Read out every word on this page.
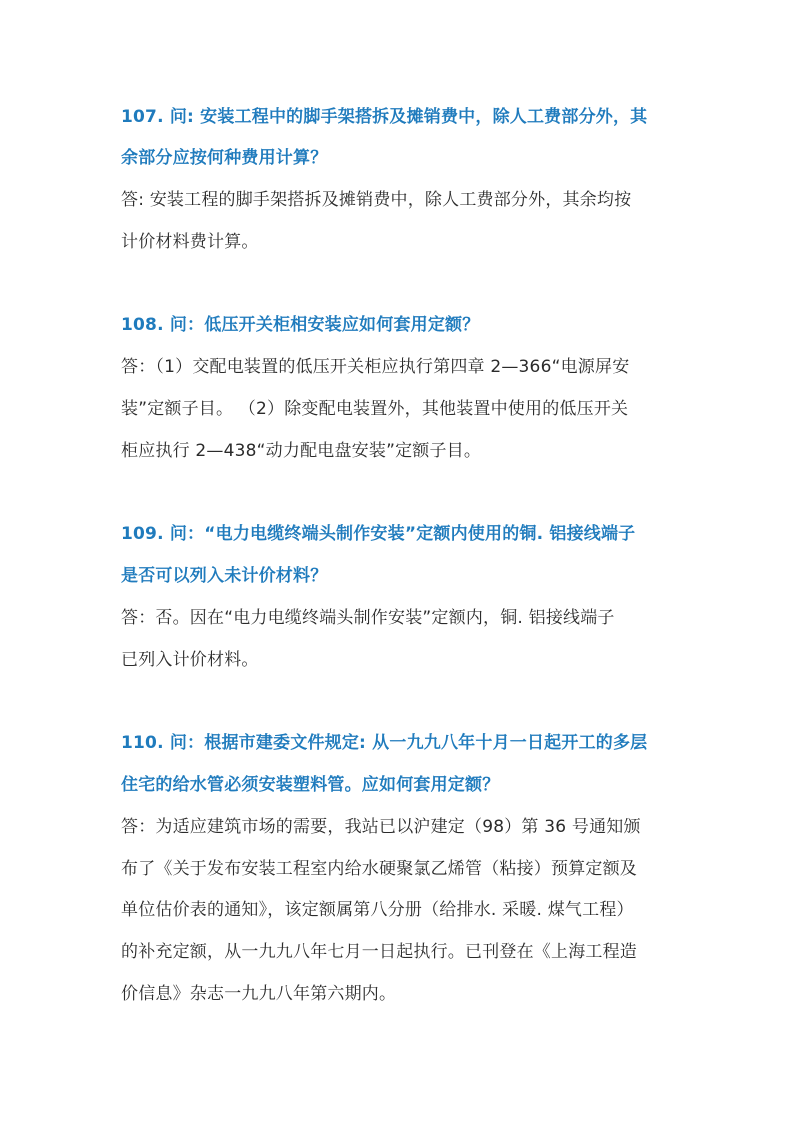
107. 问: 安装工程中的脚手架搭拆及摊销费中，除人工费部分外，其
余部分应按何种费用计算？
答: 安装工程的脚手架搭拆及摊销费中，除人工费部分外，其余均按
计价材料费计算。
108. 问：低压开关柜相安装应如何套用定额？
答：（1）交配电装置的低压开关柜应执行第四章 2—366“电源屏安
装”定额子目。 （2）除变配电装置外，其他装置中使用的低压开关
柜应执行 2—438“动力配电盘安装”定额子目。
109. 问：“电力电缆终端头制作安装”定额内使用的铜. 铝接线端子
是否可以列入未计价材料？
答：否。因在“电力电缆终端头制作安装”定额内，铜. 铝接线端子
已列入计价材料。
110. 问：根据市建委文件规定: 从一九九八年十月一日起开工的多层
住宅的给水管必须安装塑料管。应如何套用定额？
答：为适应建筑市场的需要，我站已以沪建定（98）第 36 号通知颁
布了《关于发布安装工程室内给水硬聚氯乙烯管（粘接）预算定额及
单位估价表的通知》，该定额属第八分册（给排水. 采暖. 煤气工程）
的补充定额，从一九九八年七月一日起执行。已刊登在《上海工程造
价信息》杂志一九九八年第六期内。
